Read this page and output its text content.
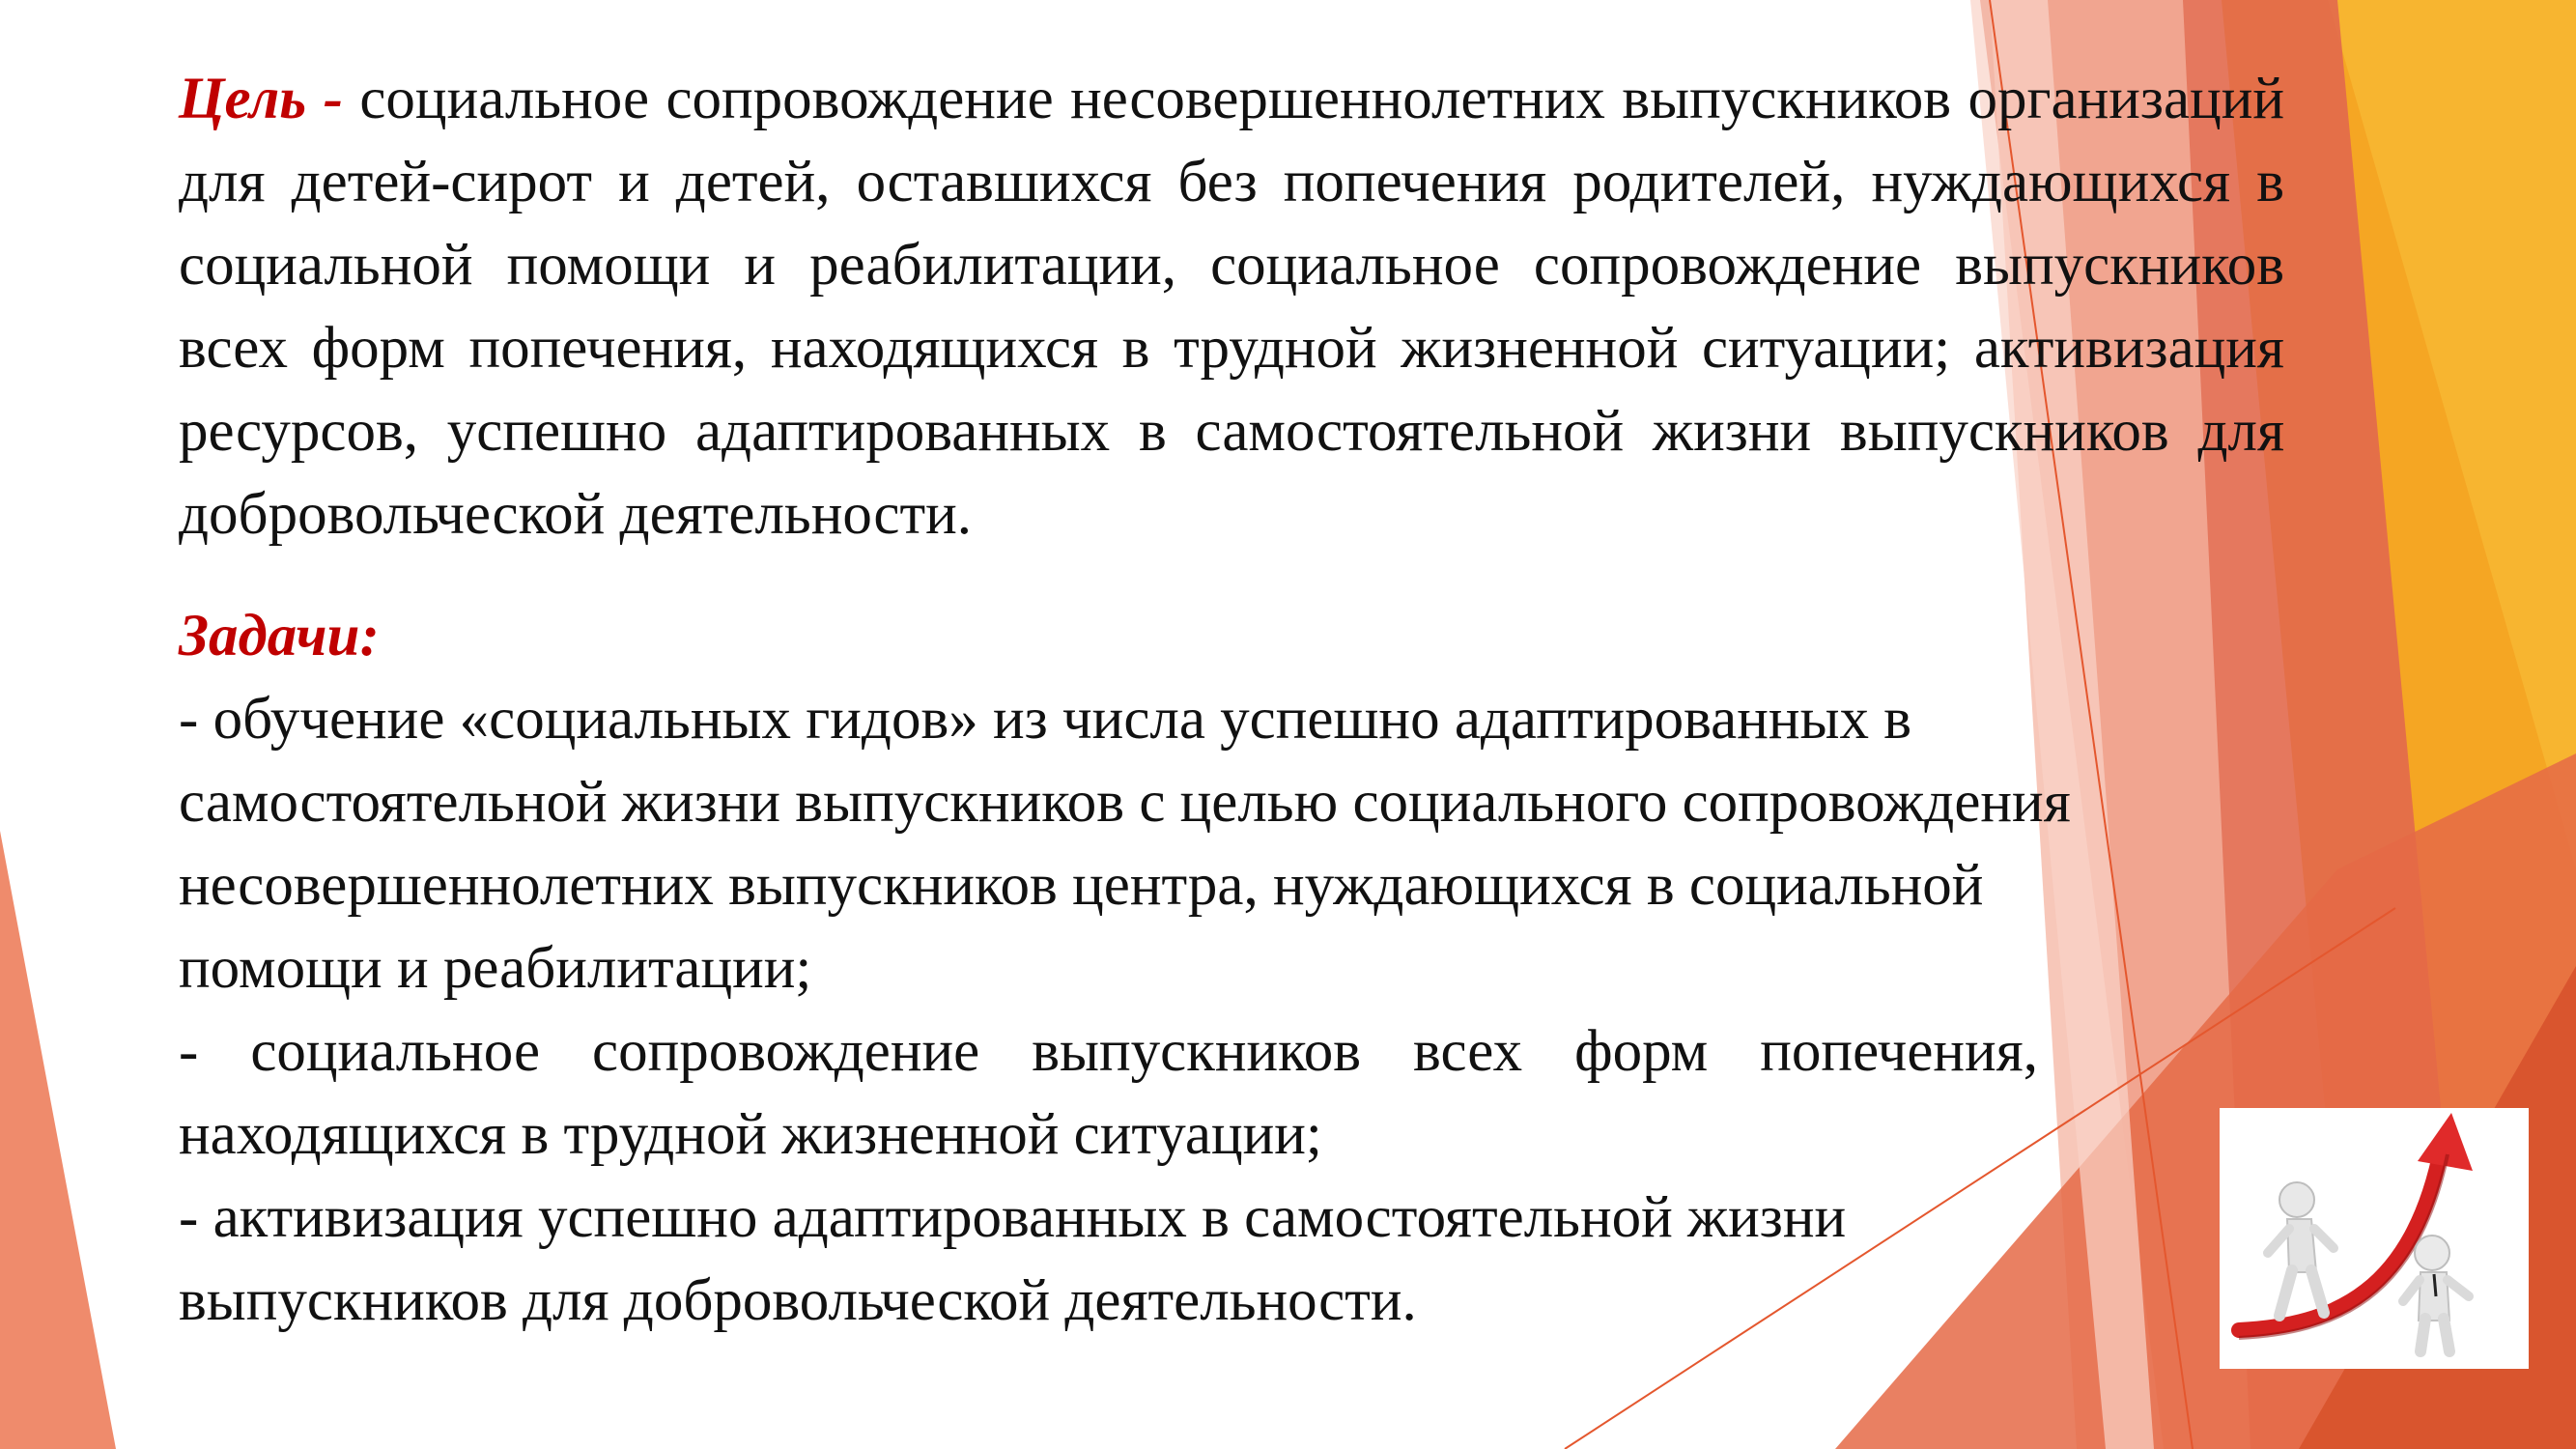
Цель - социальное сопровождение несовершеннолетних выпускников организаций для детей-сирот и детей, оставшихся без попечения родителей, нуждающихся в социальной помощи и реабилитации, социальное сопровождение выпускников всех форм попечения, находящихся в трудной жизненной ситуации; активизация ресурсов, успешно адаптированных в самостоятельной жизни выпускников для добровольческой деятельности.

Задачи:

- обучение «социальных гидов» из числа успешно адаптированных в самостоятельной жизни выпускников с целью социального сопровождения несовершеннолетних выпускников центра, нуждающихся в социальной помощи и реабилитации;

- социальное сопровождение выпускников всех форм попечения, находящихся в трудной жизненной ситуации;

- активизация успешно адаптированных в самостоятельной жизни выпускников для добровольческой деятельности.
